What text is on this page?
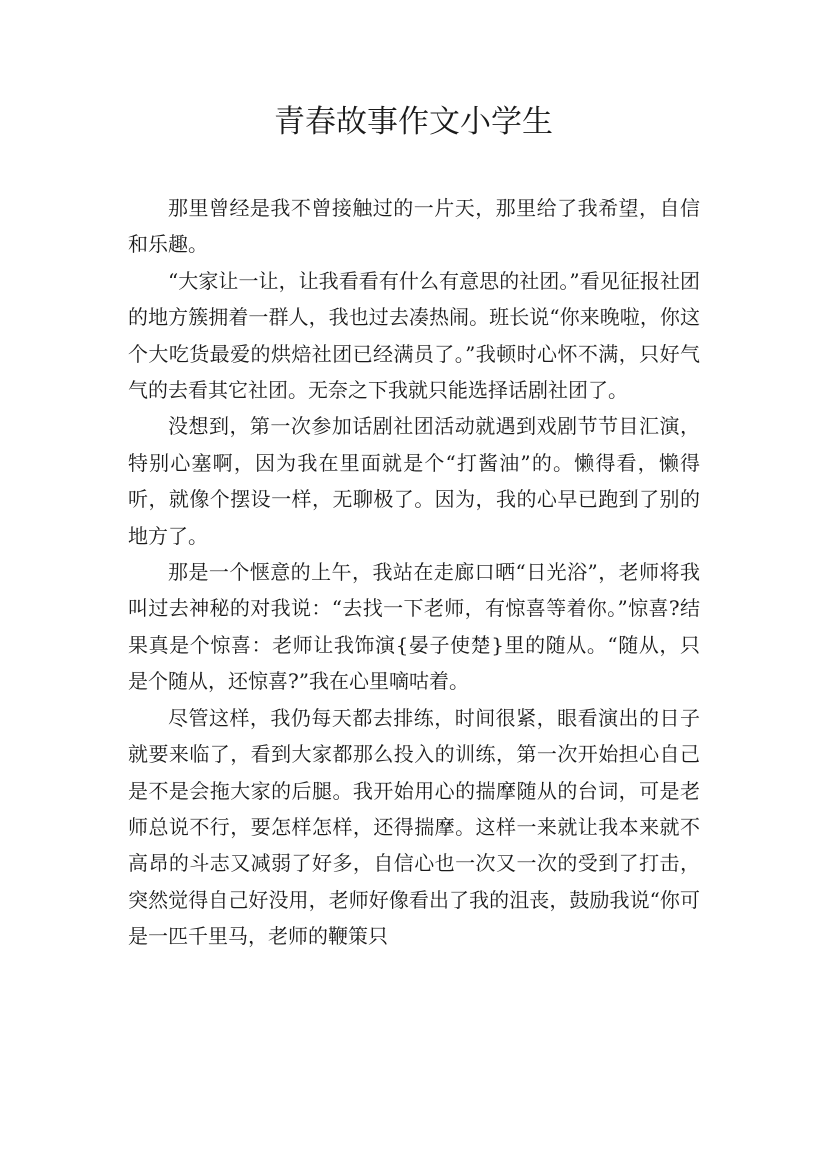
青春故事作文小学生

那里曾经是我不曾接触过的一片天，那里给了我希望，自信和乐趣。

“大家让一让，让我看看有什么有意思的社团。”看见征报社团的地方簇拥着一群人，我也过去凑热闹。班长说“你来晚啦，你这个大吃货最爱的烘焙社团已经满员了。”我顿时心怀不满，只好气气的去看其它社团。无奈之下我就只能选择话剧社团了。

没想到，第一次参加话剧社团活动就遇到戏剧节节目汇演，特别心塞啊，因为我在里面就是个“打酱油”的。懒得看，懒得听，就像个摆设一样，无聊极了。因为，我的心早已跑到了别的地方了。

那是一个惬意的上午，我站在走廊口晒“日光浴”，老师将我叫过去神秘的对我说：“去找一下老师，有惊喜等着你。”惊喜?结果真是个惊喜：老师让我饰演{晏子使楚}里的随从。“随从，只是个随从，还惊喜?”我在心里嘀咕着。

尽管这样，我仍每天都去排练，时间很紧，眼看演出的日子就要来临了，看到大家都那么投入的训练，第一次开始担心自己是不是会拖大家的后腿。我开始用心的揣摩随从的台词，可是老师总说不行，要怎样怎样，还得揣摩。这样一来就让我本来就不高昂的斗志又减弱了好多，自信心也一次又一次的受到了打击，突然觉得自己好没用，老师好像看出了我的沮丧，鼓励我说“你可是一匹千里马，老师的鞭策只
